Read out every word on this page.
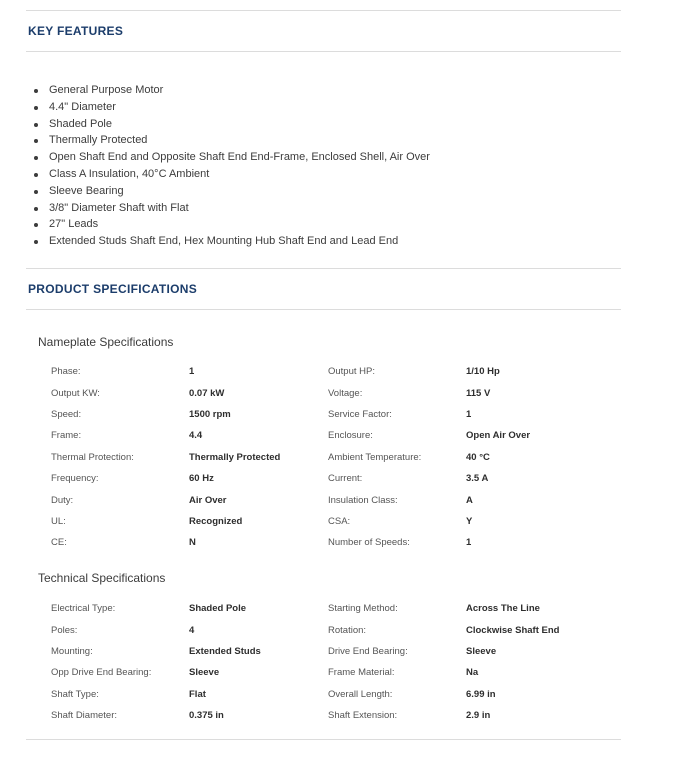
KEY FEATURES
General Purpose Motor
4.4" Diameter
Shaded Pole
Thermally Protected
Open Shaft End and Opposite Shaft End End-Frame, Enclosed Shell, Air Over
Class A Insulation, 40°C Ambient
Sleeve Bearing
3/8" Diameter Shaft with Flat
27" Leads
Extended Studs Shaft End, Hex Mounting Hub Shaft End and Lead End
PRODUCT SPECIFICATIONS
Nameplate Specifications
Phase:	1	Output HP:	1/10 Hp
Output KW:	0.07 kW	Voltage:	115 V
Speed:	1500 rpm	Service Factor:	1
Frame:	4.4	Enclosure:	Open Air Over
Thermal Protection:	Thermally Protected	Ambient Temperature:	40 °C
Frequency:	60 Hz	Current:	3.5 A
Duty:	Air Over	Insulation Class:	A
UL:	Recognized	CSA:	Y
CE:	N	Number of Speeds:	1
Technical Specifications
Electrical Type:	Shaded Pole	Starting Method:	Across The Line
Poles:	4	Rotation:	Clockwise Shaft End
Mounting:	Extended Studs	Drive End Bearing:	Sleeve
Opp Drive End Bearing:	Sleeve	Frame Material:	Na
Shaft Type:	Flat	Overall Length:	6.99 in
Shaft Diameter:	0.375 in	Shaft Extension:	2.9 in
